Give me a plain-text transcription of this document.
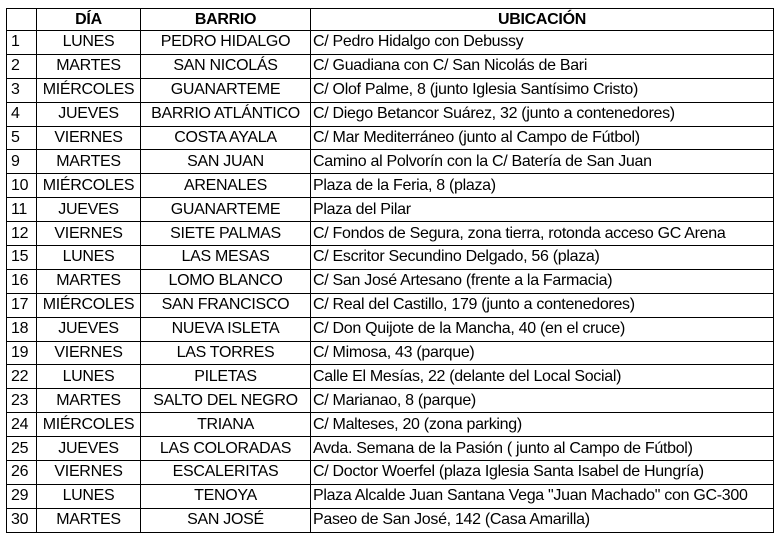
	DÍA	BARRIO	UBICACIÓN
1	LUNES	PEDRO HIDALGO	C/ Pedro Hidalgo con Debussy
2	MARTES	SAN NICOLÁS	C/ Guadiana con C/ San Nicolás de Bari
3	MIÉRCOLES	GUANARTEME	C/ Olof Palme, 8 (junto Iglesia Santísimo Cristo)
4	JUEVES	BARRIO ATLÁNTICO	C/ Diego Betancor Suárez, 32 (junto a contenedores)
5	VIERNES	COSTA AYALA	C/ Mar Mediterráneo (junto al Campo de Fútbol)
9	MARTES	SAN JUAN	Camino al Polvorín con la C/ Batería de San Juan
10	MIÉRCOLES	ARENALES	Plaza de la Feria, 8 (plaza)
11	JUEVES	GUANARTEME	Plaza del Pilar
12	VIERNES	SIETE PALMAS	C/ Fondos de Segura, zona tierra, rotonda acceso GC Arena
15	LUNES	LAS MESAS	C/ Escritor Secundino Delgado, 56 (plaza)
16	MARTES	LOMO BLANCO	C/ San José Artesano (frente a la Farmacia)
17	MIÉRCOLES	SAN FRANCISCO	C/ Real del Castillo, 179 (junto a contenedores)
18	JUEVES	NUEVA ISLETA	C/ Don Quijote de la Mancha, 40 (en el cruce)
19	VIERNES	LAS TORRES	C/ Mimosa, 43 (parque)
22	LUNES	PILETAS	Calle El Mesías, 22 (delante del Local Social)
23	MARTES	SALTO DEL NEGRO	C/ Marianao, 8 (parque)
24	MIÉRCOLES	TRIANA	C/ Malteses, 20 (zona parking)
25	JUEVES	LAS COLORADAS	Avda. Semana de la Pasión ( junto al Campo de Fútbol)
26	VIERNES	ESCALERITAS	C/ Doctor Woerfel (plaza Iglesia Santa Isabel de Hungría)
29	LUNES	TENOYA	Plaza Alcalde Juan Santana Vega "Juan Machado" con GC-300
30	MARTES	SAN JOSÉ	Paseo de San José, 142 (Casa Amarilla)
